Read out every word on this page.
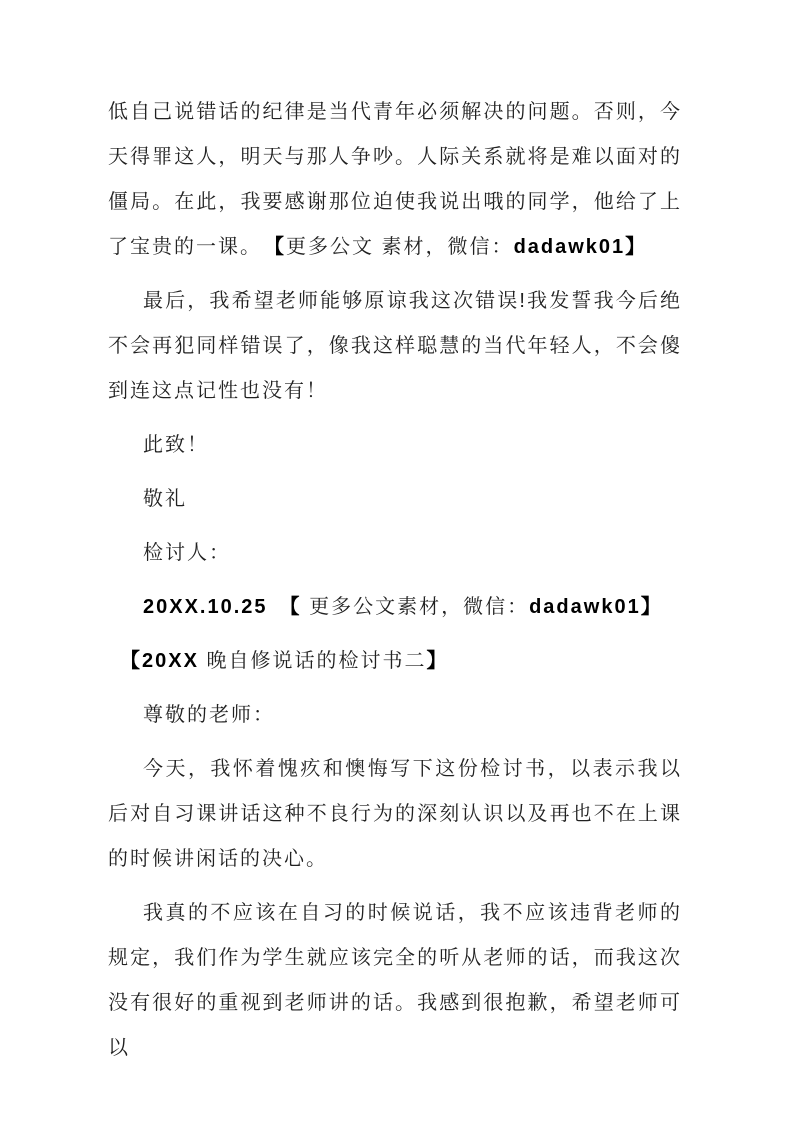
低自己说错话的纪律是当代青年必须解决的问题。否则，今天得罪这人，明天与那人争吵。人际关系就将是难以面对的僵局。在此，我要感谢那位迫使我说出哦的同学，他给了上了宝贵的一课。　【更多公文 素材，微信：dadawk01】

最后，我希望老师能够原谅我这次错误!我发誓我今后绝不会再犯同样错误了，像我这样聪慧的当代年轻人，不会傻到连这点记性也没有！

此致！

敬礼

检讨人：

20XX.10.25　【 更多公文素材，微信：dadawk01】

【20XX 晚自修说话的检讨书二】

尊敬的老师：

今天，我怀着愧疚和懊悔写下这份检讨书，以表示我以后对自习课讲话这种不良行为的深刻认识以及再也不在上课的时候讲闲话的决心。

我真的不应该在自习的时候说话，我不应该违背老师的规定，我们作为学生就应该完全的听从老师的话，而我这次没有很好的重视到老师讲的话。我感到很抱歉，希望老师可以
